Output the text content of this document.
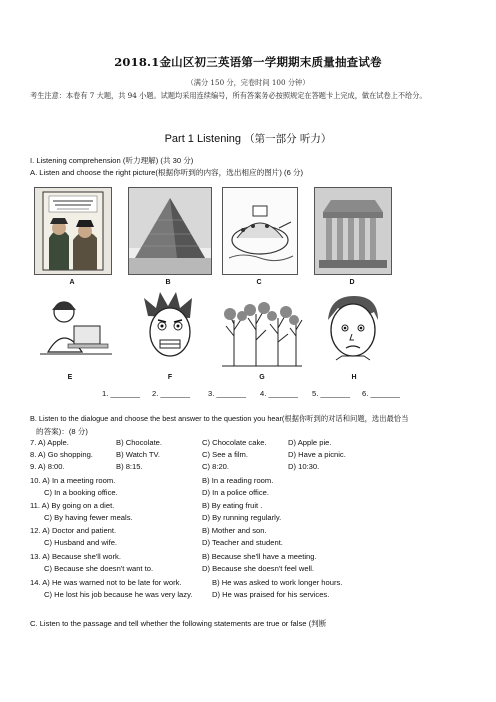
2018.1金山区初三英语第一学期期末质量抽查试卷
（满分 150 分，完卷时间 100 分钟）
考生注意：本卷有 7 大题，共 94 小题。试题均采用连续编号，所有答案务必按照规定在答题卡上完成，做在试卷上不给分。
Part 1 Listening （第一部分 听力）
I. Listening comprehension (听力理解) (共 30 分)
A. Listen and choose the right picture(根据你听到的内容，选出相应的图片) (6 分)
A	B	C	D
E	F	G	H
1. _______ 2. _______ 3. _______ 4. _______ 5. _______ 6. _______
B. Listen to the dialogue and choose the best answer to the question you hear(根据你听到的对话和问题，选出最恰当
的答案)：(8 分)
7. A) Apple.	B) Chocolate.	C) Chocolate cake.	D) Apple pie.
8. A) Go shopping.	B) Watch TV.	C) See a film.	D) Have a picnic.
9. A) 8:00.	B) 8:15.	C) 8:20.	D) 10:30.
10. A) In a meeting room.	B) In a reading room.
C) In a booking office.	D) In a police office.
11. A) By going on a diet.	B) By eating fruit .
C) By having fewer meals.	D) By running regularly.
12. A) Doctor and patient.	B) Mother and son.
C) Husband and wife.	D) Teacher and student.
13. A) Because she'll work.	B) Because she'll have a meeting.
C) Because she doesn't want to.	D) Because she doesn't feel well.
14. A) He was warned not to be late for work.	B) He was asked to work longer hours.
C) He lost his job because he was very lazy.	D) He was praised for his services.
C. Listen to the passage and tell whether the following statements are true or false (判断
